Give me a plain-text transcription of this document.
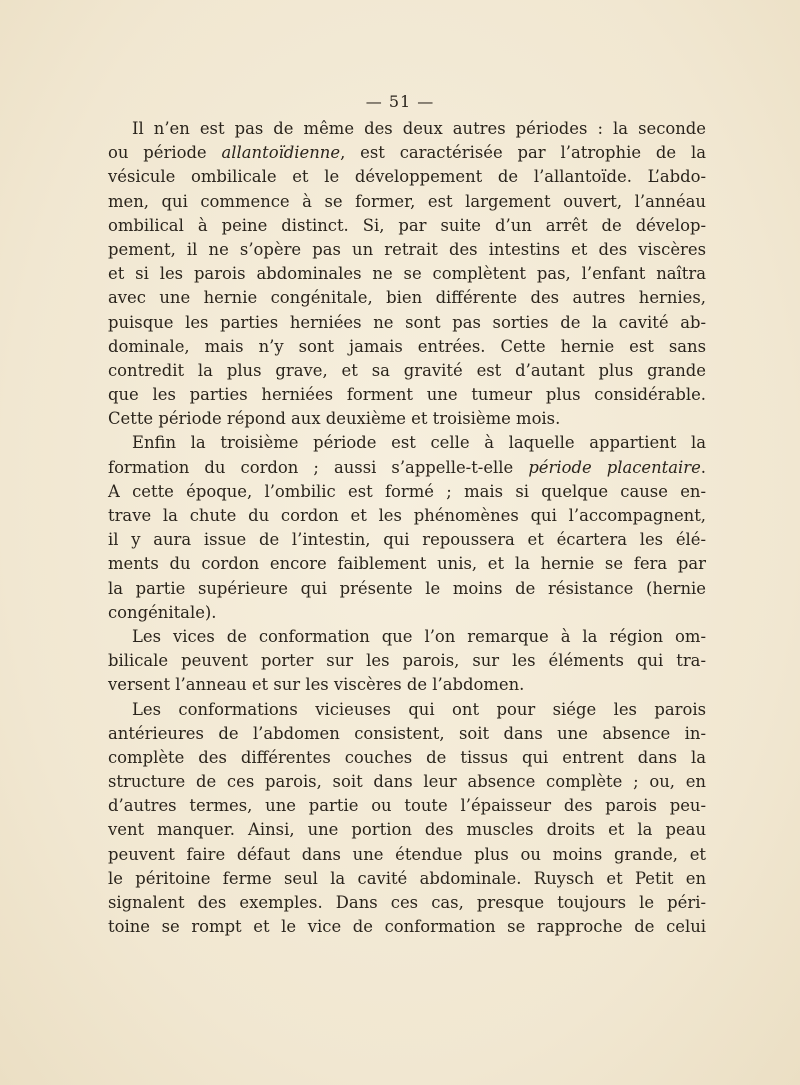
— 51 —
Il n’en est pas de même des deux autres périodes : la seconde
ou période allantoïdienne, est caractérisée par l’atrophie de la
vésicule ombilicale et le développement de l’allantoïde. L’abdo-
men, qui commence à se former, est largement ouvert, l’annéau
ombilical à peine distinct. Si, par suite d’un arrêt de dévelop-
pement, il ne s’opère pas un retrait des intestins et des viscères
et si les parois abdominales ne se complètent pas, l’enfant naîtra
avec une hernie congénitale, bien différente des autres hernies,
puisque les parties herniées ne sont pas sorties de la cavité ab-
dominale, mais n’y sont jamais entrées. Cette hernie est sans
contredit la plus grave, et sa gravité est d’autant plus grande
que les parties herniées forment une tumeur plus considérable.
Cette période répond aux deuxième et troisième mois.
Enfin la troisième période est celle à laquelle appartient la
formation du cordon ; aussi s’appelle-t-elle période placentaire.
A cette époque, l’ombilic est formé ; mais si quelque cause en-
trave la chute du cordon et les phénomènes qui l’accompagnent,
il y aura issue de l’intestin, qui repoussera et écartera les élé-
ments du cordon encore faiblement unis, et la hernie se fera par
la partie supérieure qui présente le moins de résistance (hernie
congénitale).
Les vices de conformation que l’on remarque à la région om-
bilicale peuvent porter sur les parois, sur les éléments qui tra-
versent l’anneau et sur les viscères de l’abdomen.
Les conformations vicieuses qui ont pour siége les parois
antérieures de l’abdomen consistent, soit dans une absence in-
complète des différentes couches de tissus qui entrent dans la
structure de ces parois, soit dans leur absence complète ; ou, en
d’autres termes, une partie ou toute l’épaisseur des parois peu-
vent manquer. Ainsi, une portion des muscles droits et la peau
peuvent faire défaut dans une étendue plus ou moins grande, et
le péritoine ferme seul la cavité abdominale. Ruysch et Petit en
signalent des exemples. Dans ces cas, presque toujours le péri-
toine se rompt et le vice de conformation se rapproche de celui
